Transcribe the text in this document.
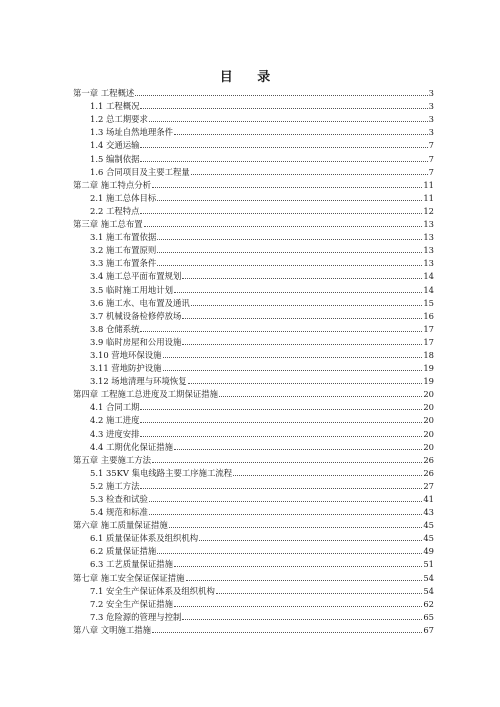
目 录
第一章 工程概述	3
1.1 工程概况	3
1.2 总工期要求	3
1.3 场址自然地理条件	3
1.4 交通运输	7
1.5 编制依据	7
1.6 合同项目及主要工程量	7
第二章 施工特点分析	11
2.1 施工总体目标	11
2.2 工程特点	12
第三章 施工总布置	13
3.1 施工布置依据	13
3.2 施工布置原则	13
3.3 施工布置条件	13
3.4 施工总平面布置规划	14
3.5 临时施工用地计划	14
3.6 施工水、电布置及通讯	15
3.7 机械设备检修停放场	16
3.8 仓储系统	17
3.9 临时房屋和公用设施	17
3.10 营地环保设施	18
3.11 营地防护设施	19
3.12 场地清理与环境恢复	19
第四章 工程施工总进度及工期保证措施	20
4.1 合同工期	20
4.2 施工进度	20
4.3 进度安排	20
4.4 工期优化保证措施	20
第五章 主要施工方法	26
5.1 35KV 集电线路主要工序施工流程	26
5.2 施工方法	27
5.3 检查和试验	41
5.4 规范和标准	43
第六章 施工质量保证措施	45
6.1 质量保证体系及组织机构	45
6.2 质量保证措施	49
6.3 工艺质量保证措施	51
第七章 施工安全保证保证措施	54
7.1 安全生产保证体系及组织机构	54
7.2 安全生产保证措施	62
7.3 危险源的管理与控制	65
第八章 文明施工措施	67
